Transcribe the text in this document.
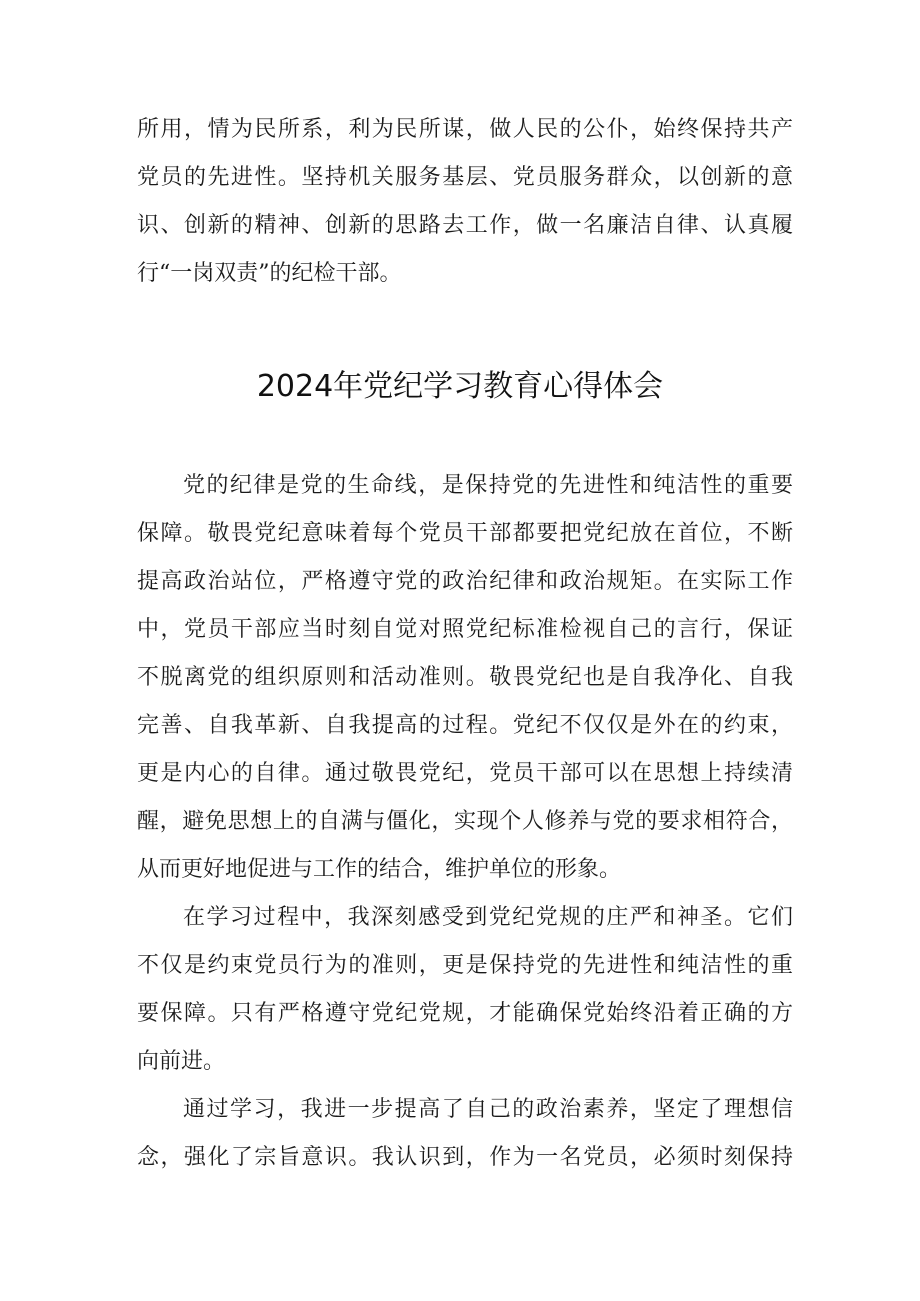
所用，情为民所系，利为民所谋，做人民的公仆，始终保持共产
党员的先进性。坚持机关服务基层、党员服务群众，以创新的意
识、创新的精神、创新的思路去工作，做一名廉洁自律、认真履
行“一岗双责”的纪检干部。
2024年党纪学习教育心得体会
党的纪律是党的生命线，是保持党的先进性和纯洁性的重要
保障。敬畏党纪意味着每个党员干部都要把党纪放在首位，不断
提高政治站位，严格遵守党的政治纪律和政治规矩。在实际工作
中，党员干部应当时刻自觉对照党纪标准检视自己的言行，保证
不脱离党的组织原则和活动准则。敬畏党纪也是自我净化、自我
完善、自我革新、自我提高的过程。党纪不仅仅是外在的约束，
更是内心的自律。通过敬畏党纪，党员干部可以在思想上持续清
醒，避免思想上的自满与僵化，实现个人修养与党的要求相符合，
从而更好地促进与工作的结合，维护单位的形象。
在学习过程中，我深刻感受到党纪党规的庄严和神圣。它们
不仅是约束党员行为的准则，更是保持党的先进性和纯洁性的重
要保障。只有严格遵守党纪党规，才能确保党始终沿着正确的方
向前进。
通过学习，我进一步提高了自己的政治素养，坚定了理想信
念，强化了宗旨意识。我认识到，作为一名党员，必须时刻保持
